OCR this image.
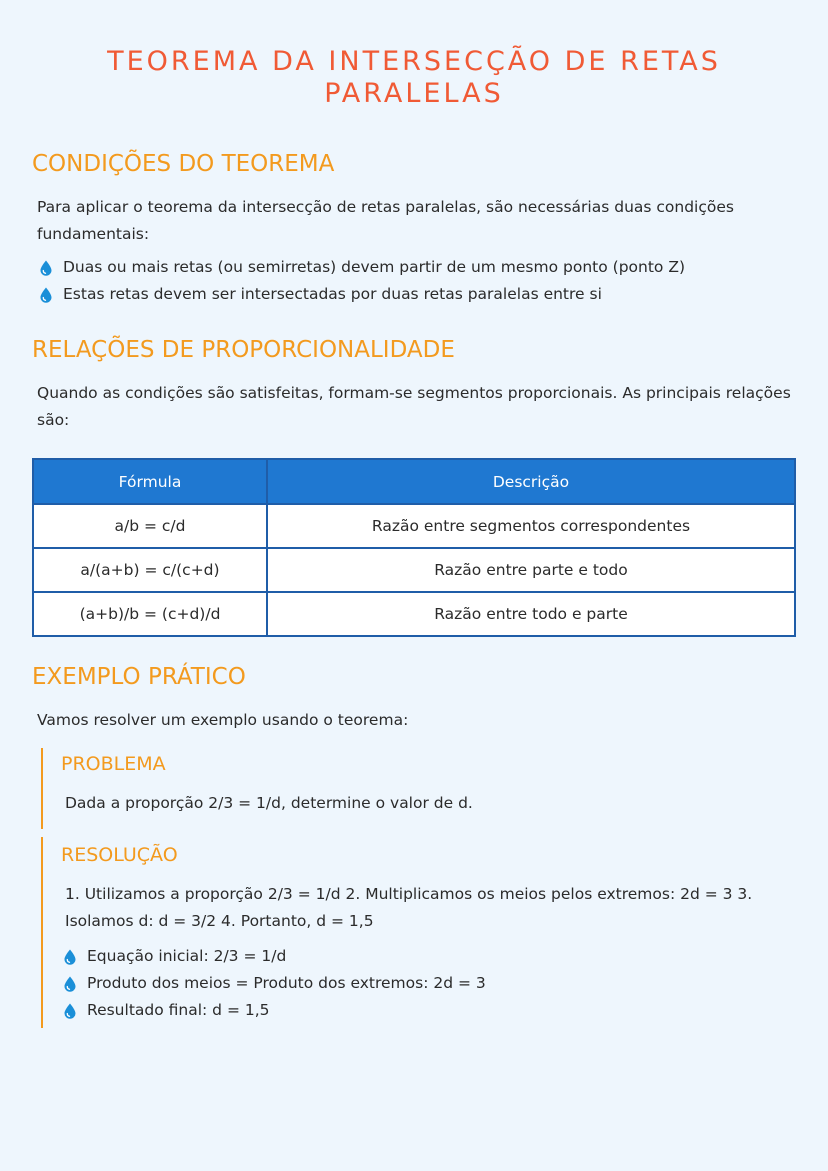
TEOREMA DA INTERSECÇÃO DE RETAS PARALELAS
CONDIÇÕES DO TEOREMA

Para aplicar o teorema da intersecção de retas paralelas, são necessárias duas condições fundamentais:

Duas ou mais retas (ou semirretas) devem partir de um mesmo ponto (ponto Z)
Estas retas devem ser intersectadas por duas retas paralelas entre si
RELAÇÕES DE PROPORCIONALIDADE

Quando as condições são satisfeitas, formam-se segmentos proporcionais. As principais relações são:

Fórmula	Descrição
a/b = c/d	Razão entre segmentos correspondentes
a/(a+b) = c/(c+d)	Razão entre parte e todo
(a+b)/b = (c+d)/d	Razão entre todo e parte
EXEMPLO PRÁTICO

Vamos resolver um exemplo usando o teorema:

PROBLEMA

Dada a proporção 2/3 = 1/d, determine o valor de d.

RESOLUÇÃO

1. Utilizamos a proporção 2/3 = 1/d 2. Multiplicamos os meios pelos extremos: 2d = 3 3. Isolamos d: d = 3/2 4. Portanto, d = 1,5

Equação inicial: 2/3 = 1/d
Produto dos meios = Produto dos extremos: 2d = 3
Resultado final: d = 1,5
